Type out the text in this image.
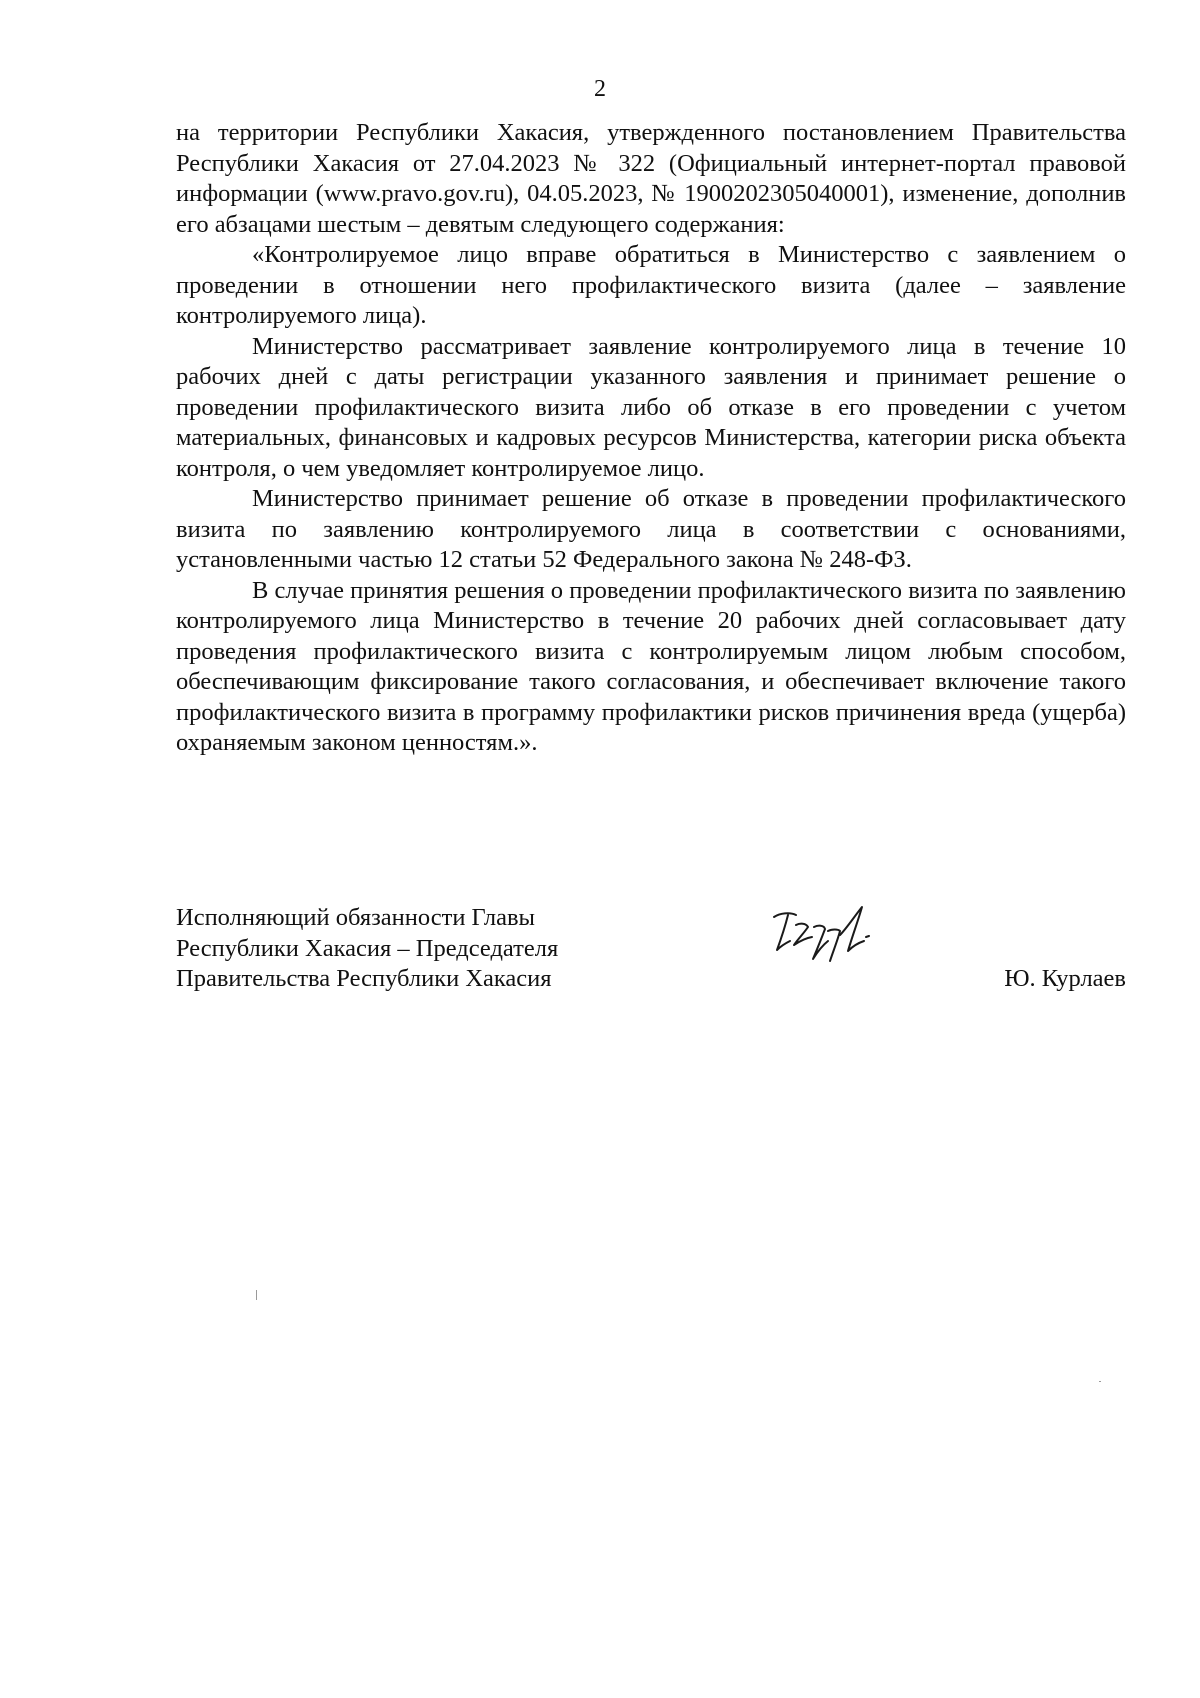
2

на территории Республики Хакасия, утвержденного постановлением Правительства Республики Хакасия от 27.04.2023 № 322 (Официальный интернет-портал правовой информации (www.pravo.gov.ru), 04.05.2023, № 1900202305040001), изменение, дополнив его абзацами шестым – девятым следующего содержания:

«Контролируемое лицо вправе обратиться в Министерство с заявлением о проведении в отношении него профилактического визита (далее – заявление контролируемого лица).

Министерство рассматривает заявление контролируемого лица в течение 10 рабочих дней с даты регистрации указанного заявления и принимает решение о проведении профилактического визита либо об отказе в его проведении с учетом материальных, финансовых и кадровых ресурсов Министерства, категории риска объекта контроля, о чем уведомляет контролируемое лицо.

Министерство принимает решение об отказе в проведении профилактического визита по заявлению контролируемого лица в соответствии с основаниями, установленными частью 12 статьи 52 Федерального закона № 248-ФЗ.

В случае принятия решения о проведении профилактического визита по заявлению контролируемого лица Министерство в течение 20 рабочих дней согласовывает дату проведения профилактического визита с контролируемым лицом любым способом, обеспечивающим фиксирование такого согласования, и обеспечивает включение такого профилактического визита в программу профилактики рисков причинения вреда (ущерба) охраняемым законом ценностям.».

Исполняющий обязанности Главы
Республики Хакасия – Председателя
Правительства Республики Хакасия	Ю. Курлаев
